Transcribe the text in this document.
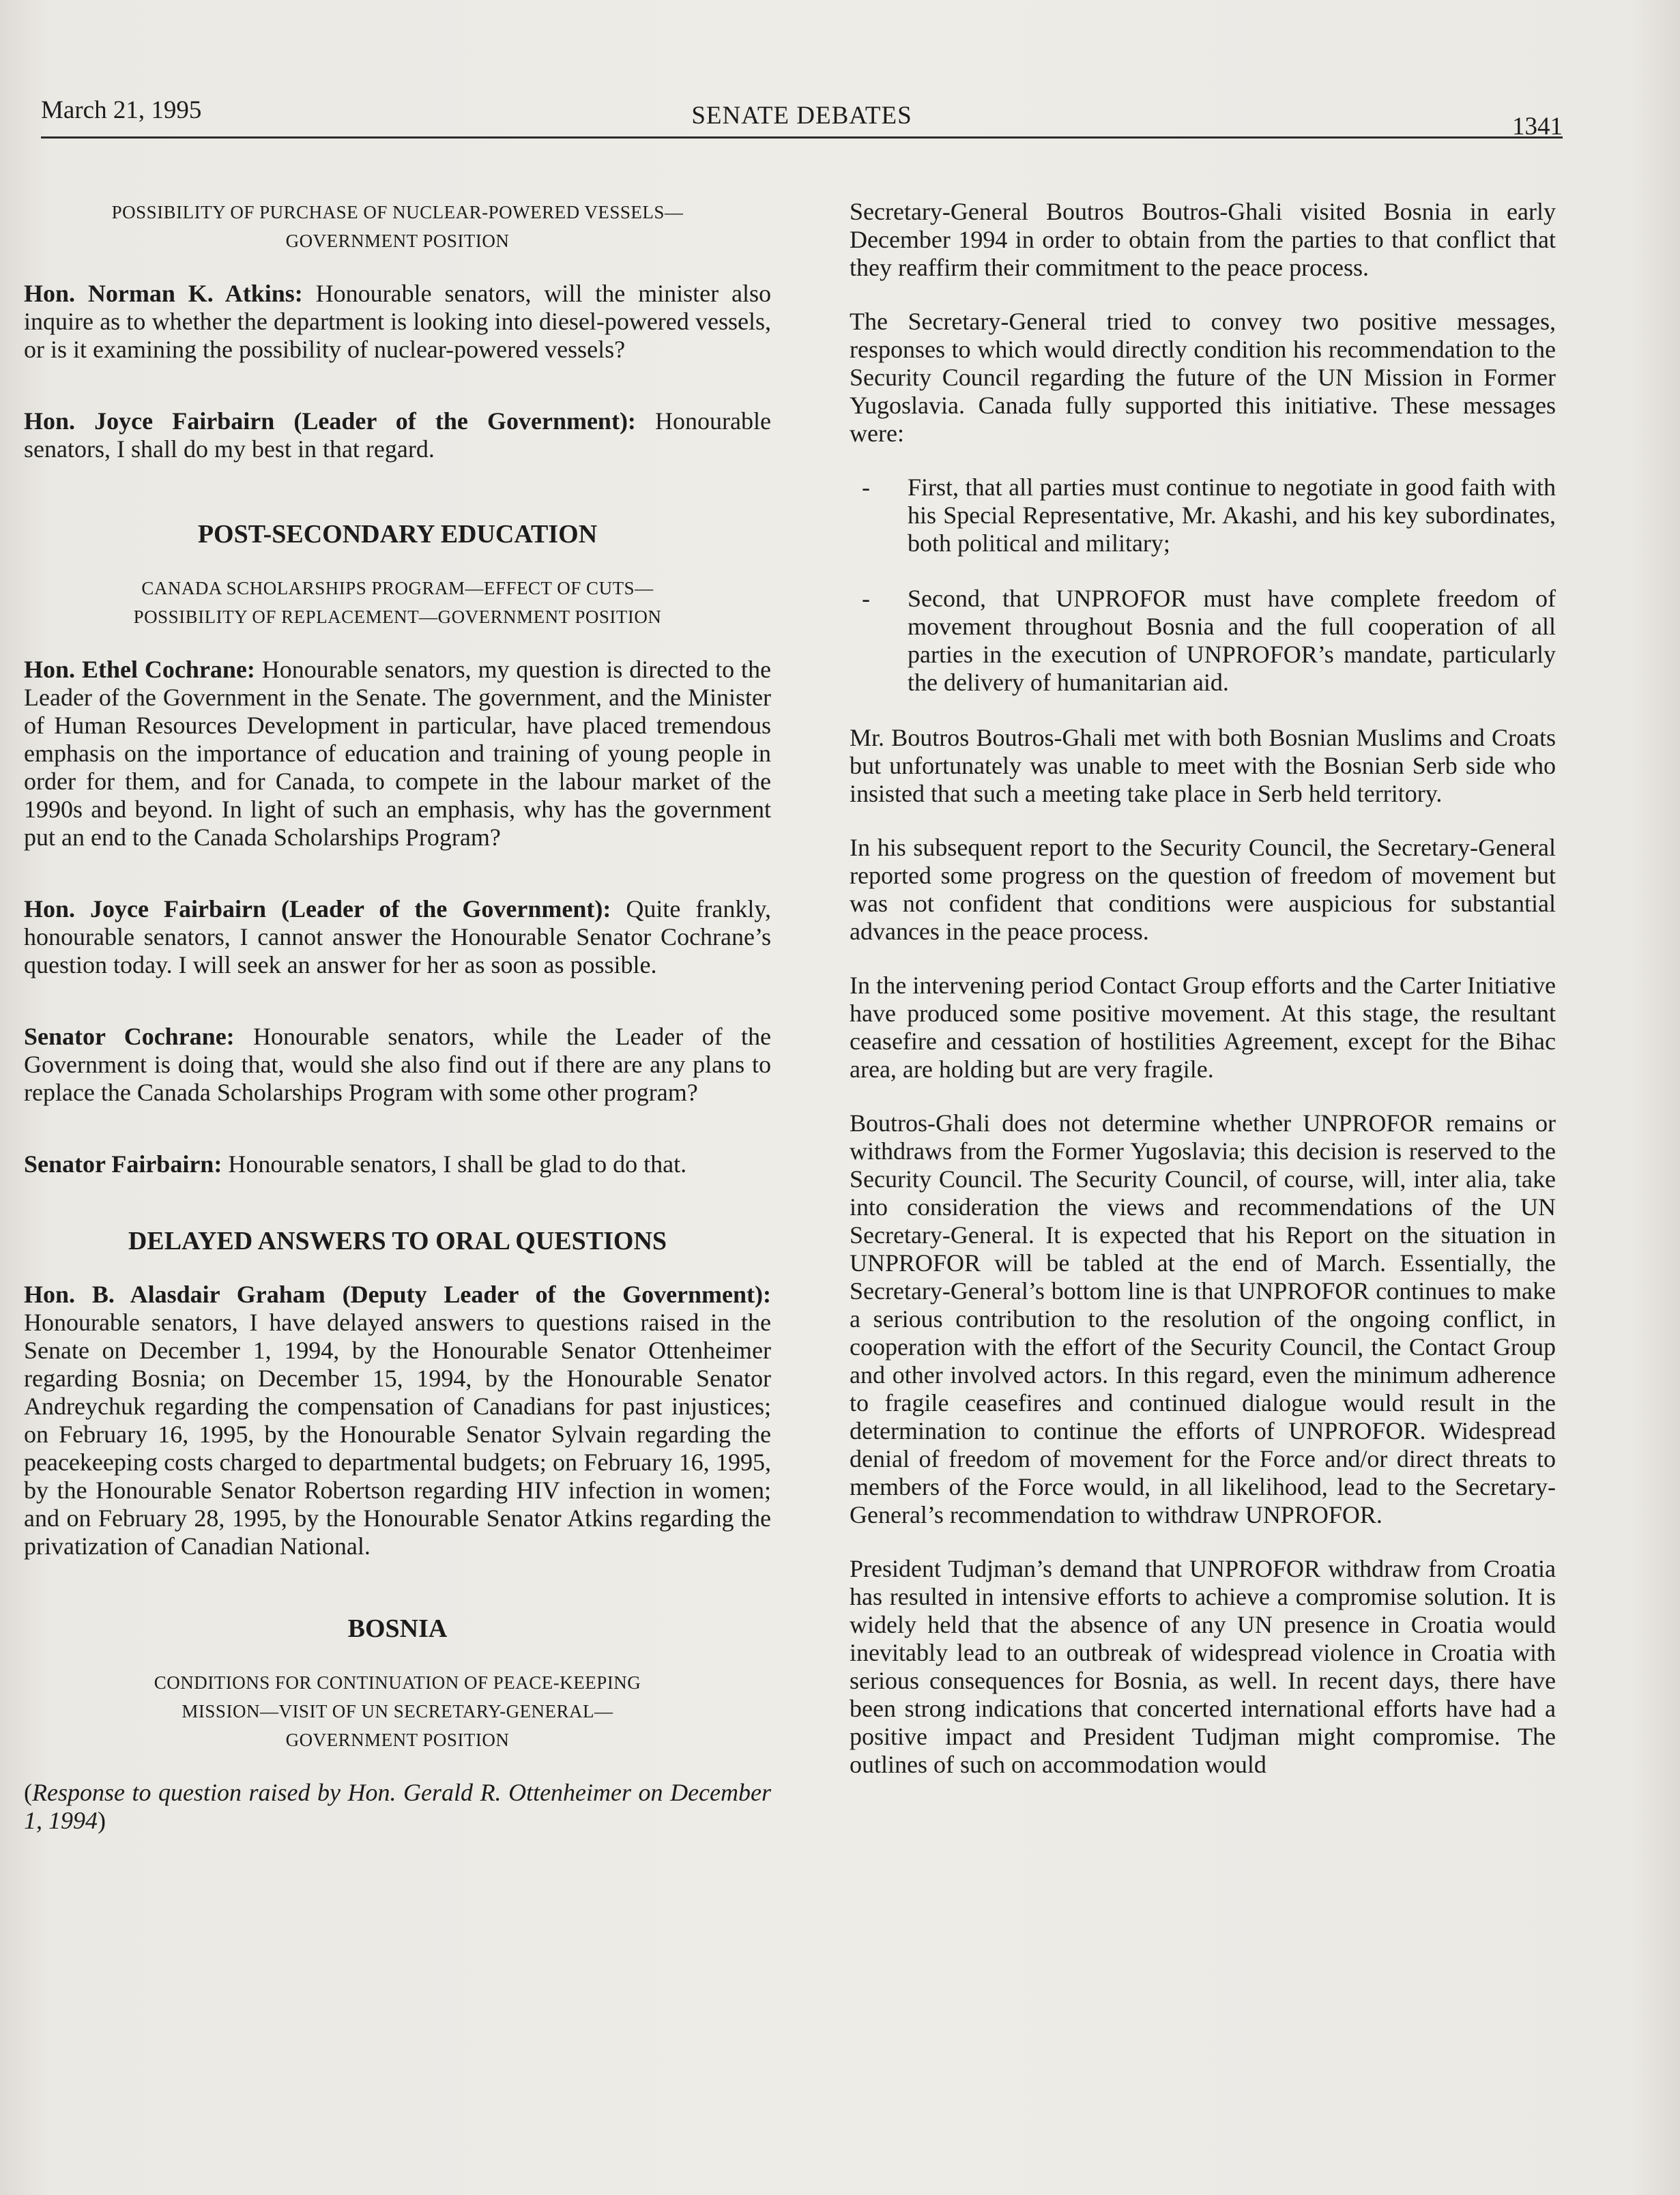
March 21, 1995	SENATE DEBATES	1341
POSSIBILITY OF PURCHASE OF NUCLEAR-POWERED VESSELS—
GOVERNMENT POSITION

Hon. Norman K. Atkins: Honourable senators, will the minister also inquire as to whether the department is looking into diesel-powered vessels, or is it examining the possibility of nuclear-powered vessels?

Hon. Joyce Fairbairn (Leader of the Government): Honourable senators, I shall do my best in that regard.

POST-SECONDARY EDUCATION
CANADA SCHOLARSHIPS PROGRAM—EFFECT OF CUTS—
POSSIBILITY OF REPLACEMENT—GOVERNMENT POSITION

Hon. Ethel Cochrane: Honourable senators, my question is directed to the Leader of the Government in the Senate. The government, and the Minister of Human Resources Development in particular, have placed tremendous emphasis on the importance of education and training of young people in order for them, and for Canada, to compete in the labour market of the 1990s and beyond. In light of such an emphasis, why has the government put an end to the Canada Scholarships Program?

Hon. Joyce Fairbairn (Leader of the Government): Quite frankly, honourable senators, I cannot answer the Honourable Senator Cochrane’s question today. I will seek an answer for her as soon as possible.

Senator Cochrane: Honourable senators, while the Leader of the Government is doing that, would she also find out if there are any plans to replace the Canada Scholarships Program with some other program?

Senator Fairbairn: Honourable senators, I shall be glad to do that.

DELAYED ANSWERS TO ORAL QUESTIONS

Hon. B. Alasdair Graham (Deputy Leader of the Government): Honourable senators, I have delayed answers to questions raised in the Senate on December 1, 1994, by the Honourable Senator Ottenheimer regarding Bosnia; on December 15, 1994, by the Honourable Senator Andreychuk regarding the compensation of Canadians for past injustices; on February 16, 1995, by the Honourable Senator Sylvain regarding the peacekeeping costs charged to departmental budgets; on February 16, 1995, by the Honourable Senator Robertson regarding HIV infection in women; and on February 28, 1995, by the Honourable Senator Atkins regarding the privatization of Canadian National.

BOSNIA
CONDITIONS FOR CONTINUATION OF PEACE-KEEPING
MISSION—VISIT OF UN SECRETARY-GENERAL—
GOVERNMENT POSITION

(Response to question raised by Hon. Gerald R. Ottenheimer on December 1, 1994)

Secretary-General Boutros Boutros-Ghali visited Bosnia in early December 1994 in order to obtain from the parties to that conflict that they reaffirm their commitment to the peace process.

The Secretary-General tried to convey two positive messages, responses to which would directly condition his recommendation to the Security Council regarding the future of the UN Mission in Former Yugoslavia. Canada fully supported this initiative. These messages were:

- First, that all parties must continue to negotiate in good faith with his Special Representative, Mr. Akashi, and his key subordinates, both political and military;
- Second, that UNPROFOR must have complete freedom of movement throughout Bosnia and the full cooperation of all parties in the execution of UNPROFOR’s mandate, particularly the delivery of humanitarian aid.

Mr. Boutros Boutros-Ghali met with both Bosnian Muslims and Croats but unfortunately was unable to meet with the Bosnian Serb side who insisted that such a meeting take place in Serb held territory.

In his subsequent report to the Security Council, the Secretary-General reported some progress on the question of freedom of movement but was not confident that conditions were auspicious for substantial advances in the peace process.

In the intervening period Contact Group efforts and the Carter Initiative have produced some positive movement. At this stage, the resultant ceasefire and cessation of hostilities Agreement, except for the Bihac area, are holding but are very fragile.

Boutros-Ghali does not determine whether UNPROFOR remains or withdraws from the Former Yugoslavia; this decision is reserved to the Security Council. The Security Council, of course, will, inter alia, take into consideration the views and recommendations of the UN Secretary-General. It is expected that his Report on the situation in UNPROFOR will be tabled at the end of March. Essentially, the Secretary-General’s bottom line is that UNPROFOR continues to make a serious contribution to the resolution of the ongoing conflict, in cooperation with the effort of the Security Council, the Contact Group and other involved actors. In this regard, even the minimum adherence to fragile ceasefires and continued dialogue would result in the determination to continue the efforts of UNPROFOR. Widespread denial of freedom of movement for the Force and/or direct threats to members of the Force would, in all likelihood, lead to the Secretary-General’s recommendation to withdraw UNPROFOR.

President Tudjman’s demand that UNPROFOR withdraw from Croatia has resulted in intensive efforts to achieve a compromise solution. It is widely held that the absence of any UN presence in Croatia would inevitably lead to an outbreak of widespread violence in Croatia with serious consequences for Bosnia, as well. In recent days, there have been strong indications that concerted international efforts have had a positive impact and President Tudjman might compromise. The outlines of such on accommodation would
